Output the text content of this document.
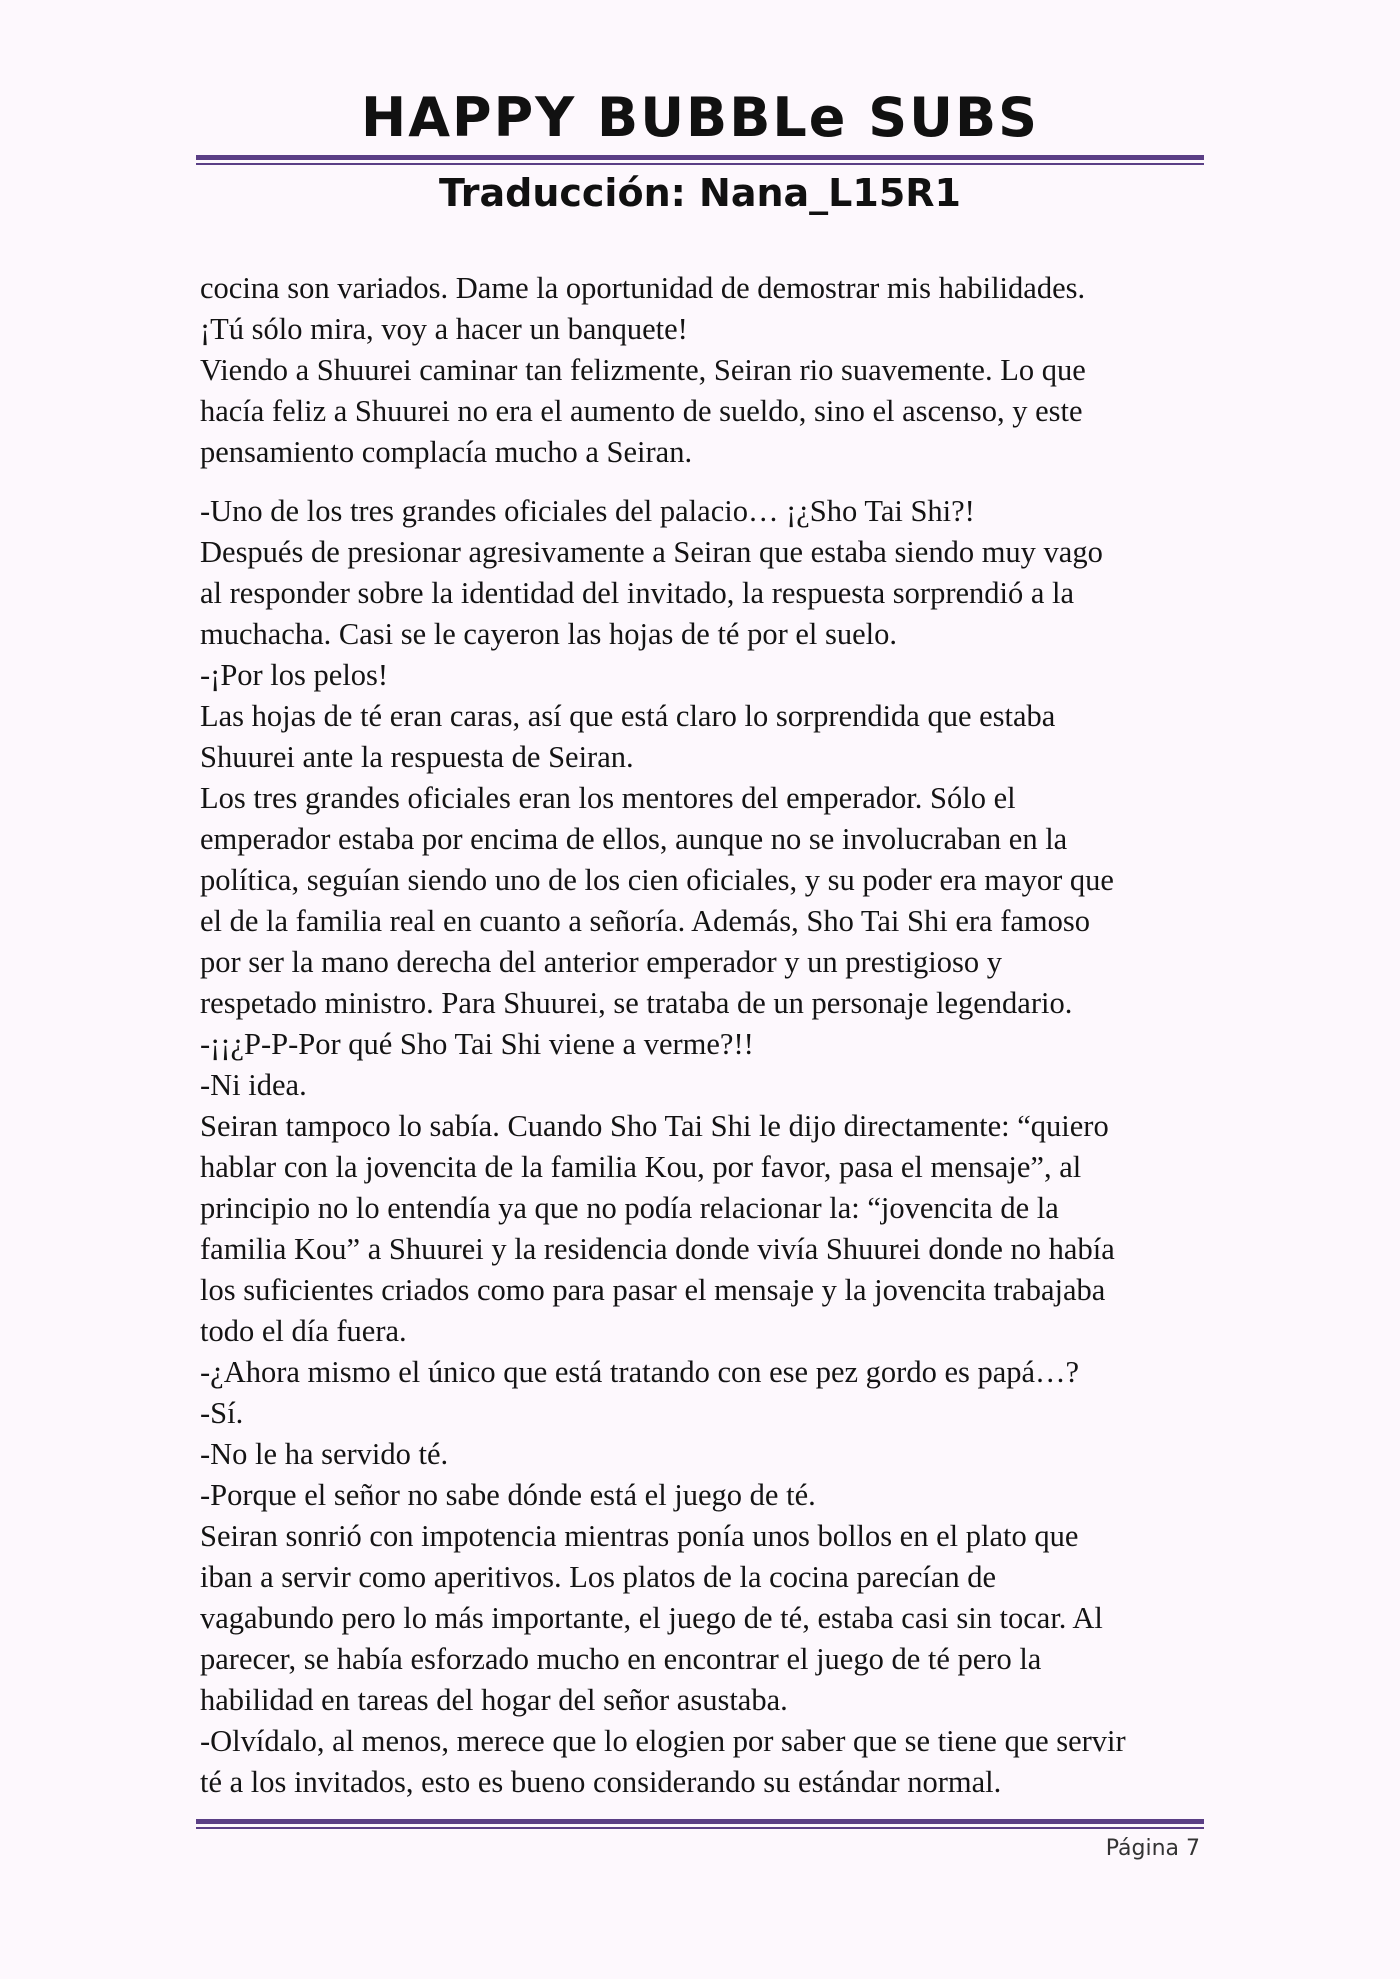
HAPPY BUBBLe SUBS
Traducción: Nana_L15R1

cocina son variados. Dame la oportunidad de demostrar mis habilidades.

¡Tú sólo mira, voy a hacer un banquete!

Viendo a Shuurei caminar tan felizmente, Seiran rio suavemente. Lo que

hacía feliz a Shuurei no era el aumento de sueldo, sino el ascenso, y este

pensamiento complacía mucho a Seiran.

-Uno de los tres grandes oficiales del palacio… ¡¿Sho Tai Shi?!

Después de presionar agresivamente a Seiran que estaba siendo muy vago

al responder sobre la identidad del invitado, la respuesta sorprendió a la

muchacha. Casi se le cayeron las hojas de té por el suelo.

-¡Por los pelos!

Las hojas de té eran caras, así que está claro lo sorprendida que estaba

Shuurei ante la respuesta de Seiran.

Los tres grandes oficiales eran los mentores del emperador. Sólo el

emperador estaba por encima de ellos, aunque no se involucraban en la

política, seguían siendo uno de los cien oficiales, y su poder era mayor que

el de la familia real en cuanto a señoría. Además, Sho Tai Shi era famoso

por ser la mano derecha del anterior emperador y un prestigioso y

respetado ministro. Para Shuurei, se trataba de un personaje legendario.

-¡¡¿P-P-Por qué Sho Tai Shi viene a verme?!!

-Ni idea.

Seiran tampoco lo sabía. Cuando Sho Tai Shi le dijo directamente: “quiero

hablar con la jovencita de la familia Kou, por favor, pasa el mensaje”, al

principio no lo entendía ya que no podía relacionar la: “jovencita de la

familia Kou” a Shuurei y la residencia donde vivía Shuurei donde no había

los suficientes criados como para pasar el mensaje y la jovencita trabajaba

todo el día fuera.

-¿Ahora mismo el único que está tratando con ese pez gordo es papá…?

-Sí.

-No le ha servido té.

-Porque el señor no sabe dónde está el juego de té.

Seiran sonrió con impotencia mientras ponía unos bollos en el plato que

iban a servir como aperitivos. Los platos de la cocina parecían de

vagabundo pero lo más importante, el juego de té, estaba casi sin tocar. Al

parecer, se había esforzado mucho en encontrar el juego de té pero la

habilidad en tareas del hogar del señor asustaba.

-Olvídalo, al menos, merece que lo elogien por saber que se tiene que servir

té a los invitados, esto es bueno considerando su estándar normal.

Página 7
